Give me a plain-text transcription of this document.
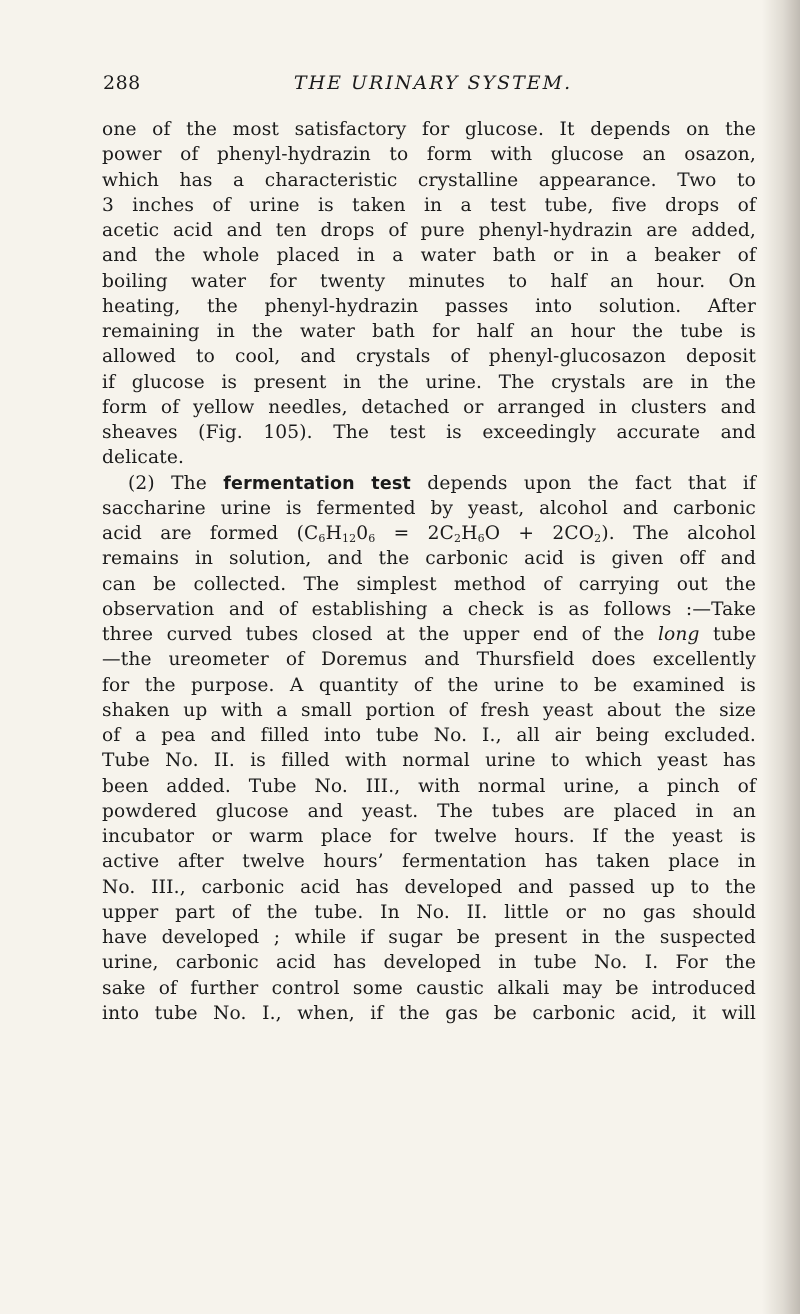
288	THE URINARY SYSTEM.
one of the most satisfactory for glucose. It depends on the
power of phenyl-hydrazin to form with glucose an osazon,
which has a characteristic crystalline appearance. Two to
3 inches of urine is taken in a test tube, five drops of
acetic acid and ten drops of pure phenyl-hydrazin are added,
and the whole placed in a water bath or in a beaker of
boiling water for twenty minutes to half an hour. On
heating, the phenyl-hydrazin passes into solution. After
remaining in the water bath for half an hour the tube is
allowed to cool, and crystals of phenyl-glucosazon deposit
if glucose is present in the urine. The crystals are in the
form of yellow needles, detached or arranged in clusters and
sheaves (Fig. 105). The test is exceedingly accurate and
delicate.
(2) The fermentation test depends upon the fact that if
saccharine urine is fermented by yeast, alcohol and carbonic
acid are formed $(C_6H_{12}0_6 = 2C_2H_6O + 2CO_2)$. The alcohol
remains in solution, and the carbonic acid is given off and
can be collected. The simplest method of carrying out the
observation and of establishing a check is as follows :—Take
three curved tubes closed at the upper end of the long tube
—the ureometer of Doremus and Thursfield does excellently
for the purpose. A quantity of the urine to be examined is
shaken up with a small portion of fresh yeast about the size
of a pea and filled into tube No. I., all air being excluded.
Tube No. II. is filled with normal urine to which yeast has
been added. Tube No. III., with normal urine, a pinch of
powdered glucose and yeast. The tubes are placed in an
incubator or warm place for twelve hours. If the yeast is
active after twelve hours’ fermentation has taken place in
No. III., carbonic acid has developed and passed up to the
upper part of the tube. In No. II. little or no gas should
have developed ; while if sugar be present in the suspected
urine, carbonic acid has developed in tube No. I. For the
sake of further control some caustic alkali may be introduced
into tube No. I., when, if the gas be carbonic acid, it will
